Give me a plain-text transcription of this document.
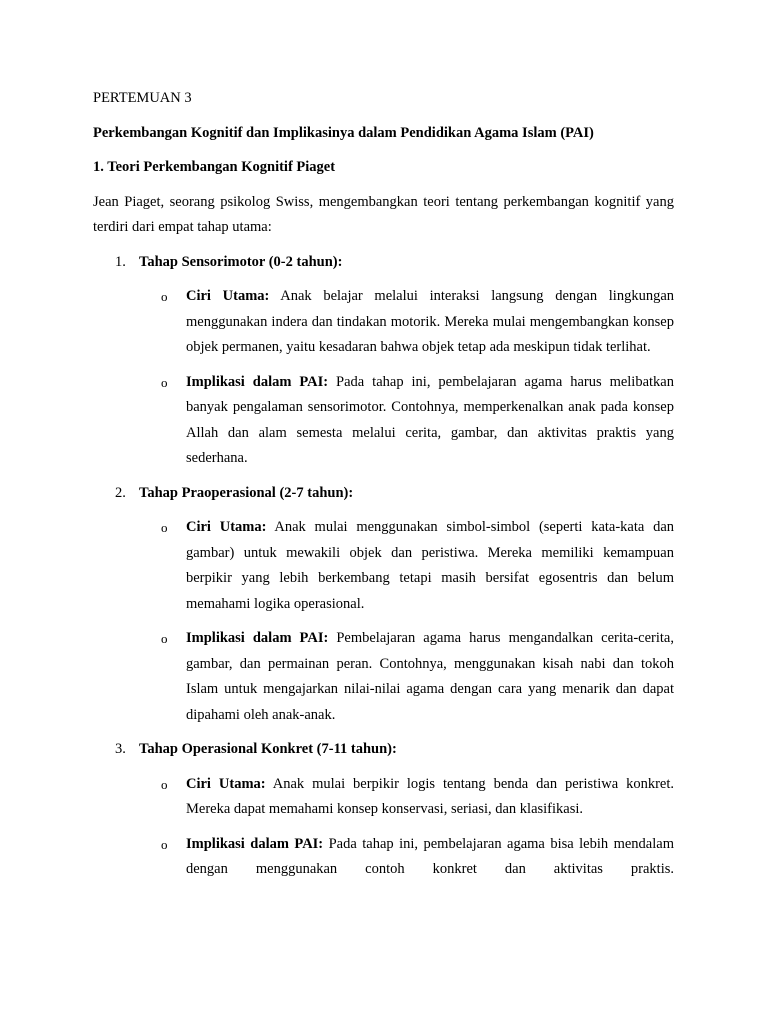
PERTEMUAN 3

Perkembangan Kognitif dan Implikasinya dalam Pendidikan Agama Islam (PAI)

1. Teori Perkembangan Kognitif Piaget

Jean Piaget, seorang psikolog Swiss, mengembangkan teori tentang perkembangan kognitif yang terdiri dari empat tahap utama:

1. Tahap Sensorimotor (0-2 tahun):
o Ciri Utama: Anak belajar melalui interaksi langsung dengan lingkungan menggunakan indera dan tindakan motorik. Mereka mulai mengembangkan konsep objek permanen, yaitu kesadaran bahwa objek tetap ada meskipun tidak terlihat.
o Implikasi dalam PAI: Pada tahap ini, pembelajaran agama harus melibatkan banyak pengalaman sensorimotor. Contohnya, memperkenalkan anak pada konsep Allah dan alam semesta melalui cerita, gambar, dan aktivitas praktis yang sederhana.
2. Tahap Praoperasional (2-7 tahun):
o Ciri Utama: Anak mulai menggunakan simbol-simbol (seperti kata-kata dan gambar) untuk mewakili objek dan peristiwa. Mereka memiliki kemampuan berpikir yang lebih berkembang tetapi masih bersifat egosentris dan belum memahami logika operasional.
o Implikasi dalam PAI: Pembelajaran agama harus mengandalkan cerita-cerita, gambar, dan permainan peran. Contohnya, menggunakan kisah nabi dan tokoh Islam untuk mengajarkan nilai-nilai agama dengan cara yang menarik dan dapat dipahami oleh anak-anak.
3. Tahap Operasional Konkret (7-11 tahun):
o Ciri Utama: Anak mulai berpikir logis tentang benda dan peristiwa konkret. Mereka dapat memahami konsep konservasi, seriasi, dan klasifikasi.
o Implikasi dalam PAI: Pada tahap ini, pembelajaran agama bisa lebih mendalam dengan menggunakan contoh konkret dan aktivitas praktis.
